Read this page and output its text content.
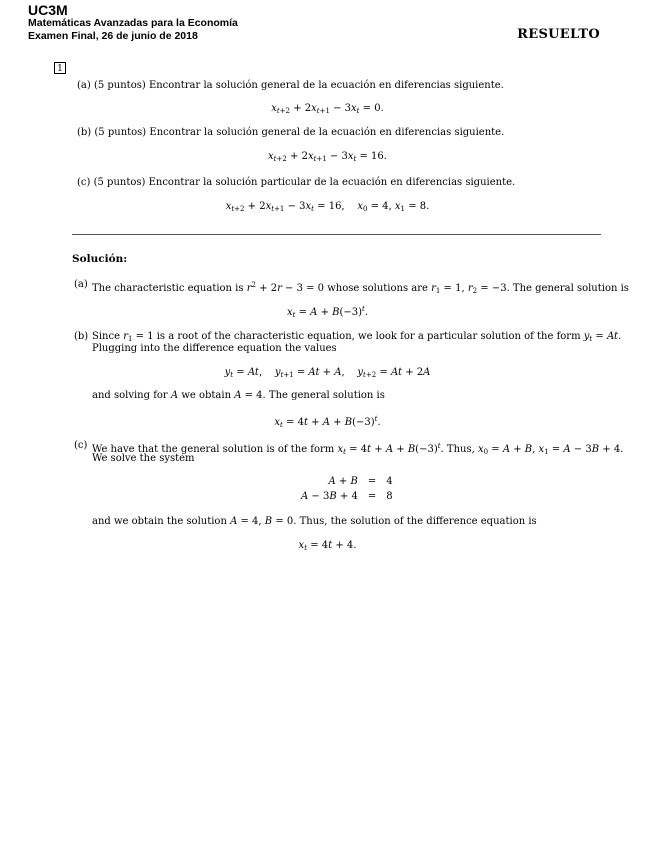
UC3M
Matemáticas Avanzadas para la Economía
Examen Final, 26 de junio de 2018	RESUELTO
1
(a) (5 puntos) Encontrar la solución general de la ecuación en diferencias siguiente.
$x_{t+2} + 2x_{t+1} - 3x_t = 0$.
(b) (5 puntos) Encontrar la solución general de la ecuación en diferencias siguiente.
$x_{t+2} + 2x_{t+1} - 3x_t = 16$.
(c) (5 puntos) Encontrar la solución particular de la ecuación en diferencias siguiente.
$x_{t+2} + 2x_{t+1} - 3x_t = 16$,    $x_0 = 4$, $x_1 = 8$.
Solución:
(a) The characteristic equation is $r^2 + 2r - 3 = 0$ whose solutions are $r_1 = 1$, $r_2 = -3$. The general solution is
$x_t = A + B(-3)^t$.
(b) Since $r_1 = 1$ is a root of the characteristic equation, we look for a particular solution of the form $y_t = At$.
Plugging into the difference equation the values
$y_t = At$,    $y_{t+1} = At + A$,    $y_{t+2} = At + 2A$
and solving for A we obtain A = 4. The general solution is
$x_t = 4t + A + B(-3)^t$.
(c) We have that the general solution is of the form $x_t = 4t + A + B(-3)^t$. Thus, $x_0 = A + B$, $x_1 = A - 3B + 4$.
We solve the system
A + B	=	4
A − 3B + 4	=	8
and we obtain the solution A = 4, B = 0. Thus, the solution of the difference equation is
$x_t = 4t + 4$.
